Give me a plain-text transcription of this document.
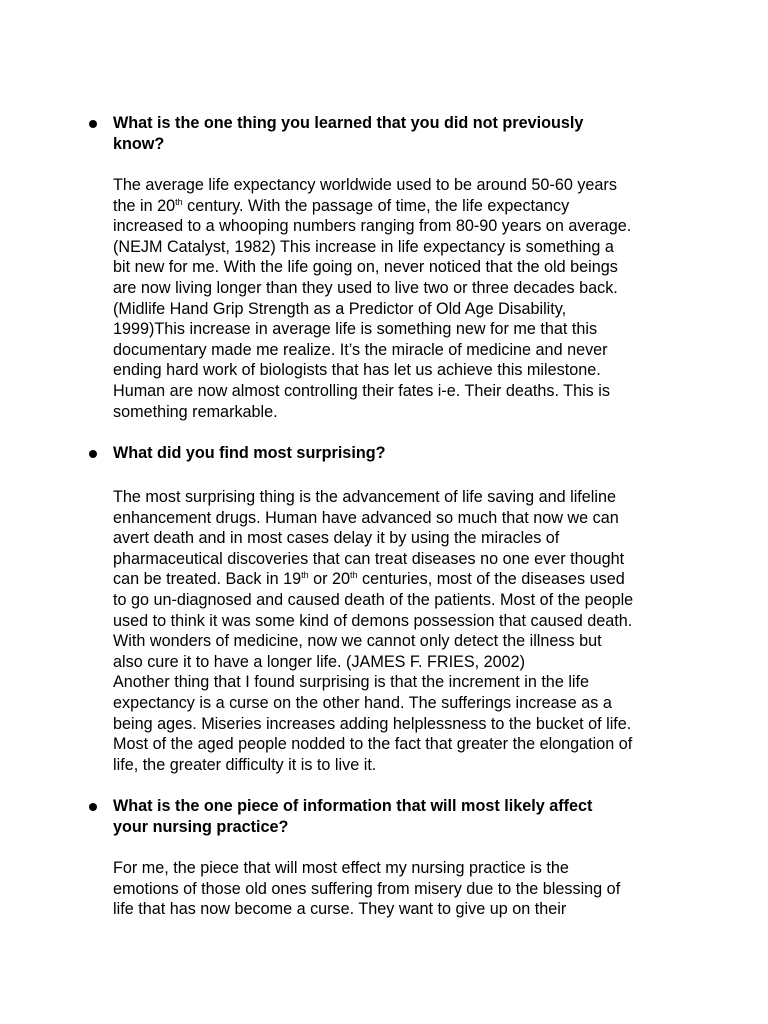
What is the one thing you learned that you did not previously
know?

The average life expectancy worldwide used to be around 50-60 years
the in 20th century. With the passage of time, the life expectancy
increased to a whooping numbers ranging from 80-90 years on average.
(NEJM Catalyst, 1982) This increase in life expectancy is something a
bit new for me. With the life going on, never noticed that the old beings
are now living longer than they used to live two or three decades back.
(Midlife Hand Grip Strength as a Predictor of Old Age Disability,
1999)This increase in average life is something new for me that this
documentary made me realize. It’s the miracle of medicine and never
ending hard work of biologists that has let us achieve this milestone.
Human are now almost controlling their fates i-e. Their deaths. This is
something remarkable.

What did you find most surprising?

The most surprising thing is the advancement of life saving and lifeline
enhancement drugs. Human have advanced so much that now we can
avert death and in most cases delay it by using the miracles of
pharmaceutical discoveries that can treat diseases no one ever thought
can be treated. Back in 19th or 20th centuries, most of the diseases used
to go un-diagnosed and caused death of the patients. Most of the people
used to think it was some kind of demons possession that caused death.
With wonders of medicine, now we cannot only detect the illness but
also cure it to have a longer life. (JAMES F. FRIES, 2002)
Another thing that I found surprising is that the increment in the life
expectancy is a curse on the other hand. The sufferings increase as a
being ages. Miseries increases adding helplessness to the bucket of life.
Most of the aged people nodded to the fact that greater the elongation of
life, the greater difficulty it is to live it.

What is the one piece of information that will most likely affect
your nursing practice?

For me, the piece that will most effect my nursing practice is the
emotions of those old ones suffering from misery due to the blessing of
life that has now become a curse. They want to give up on their
